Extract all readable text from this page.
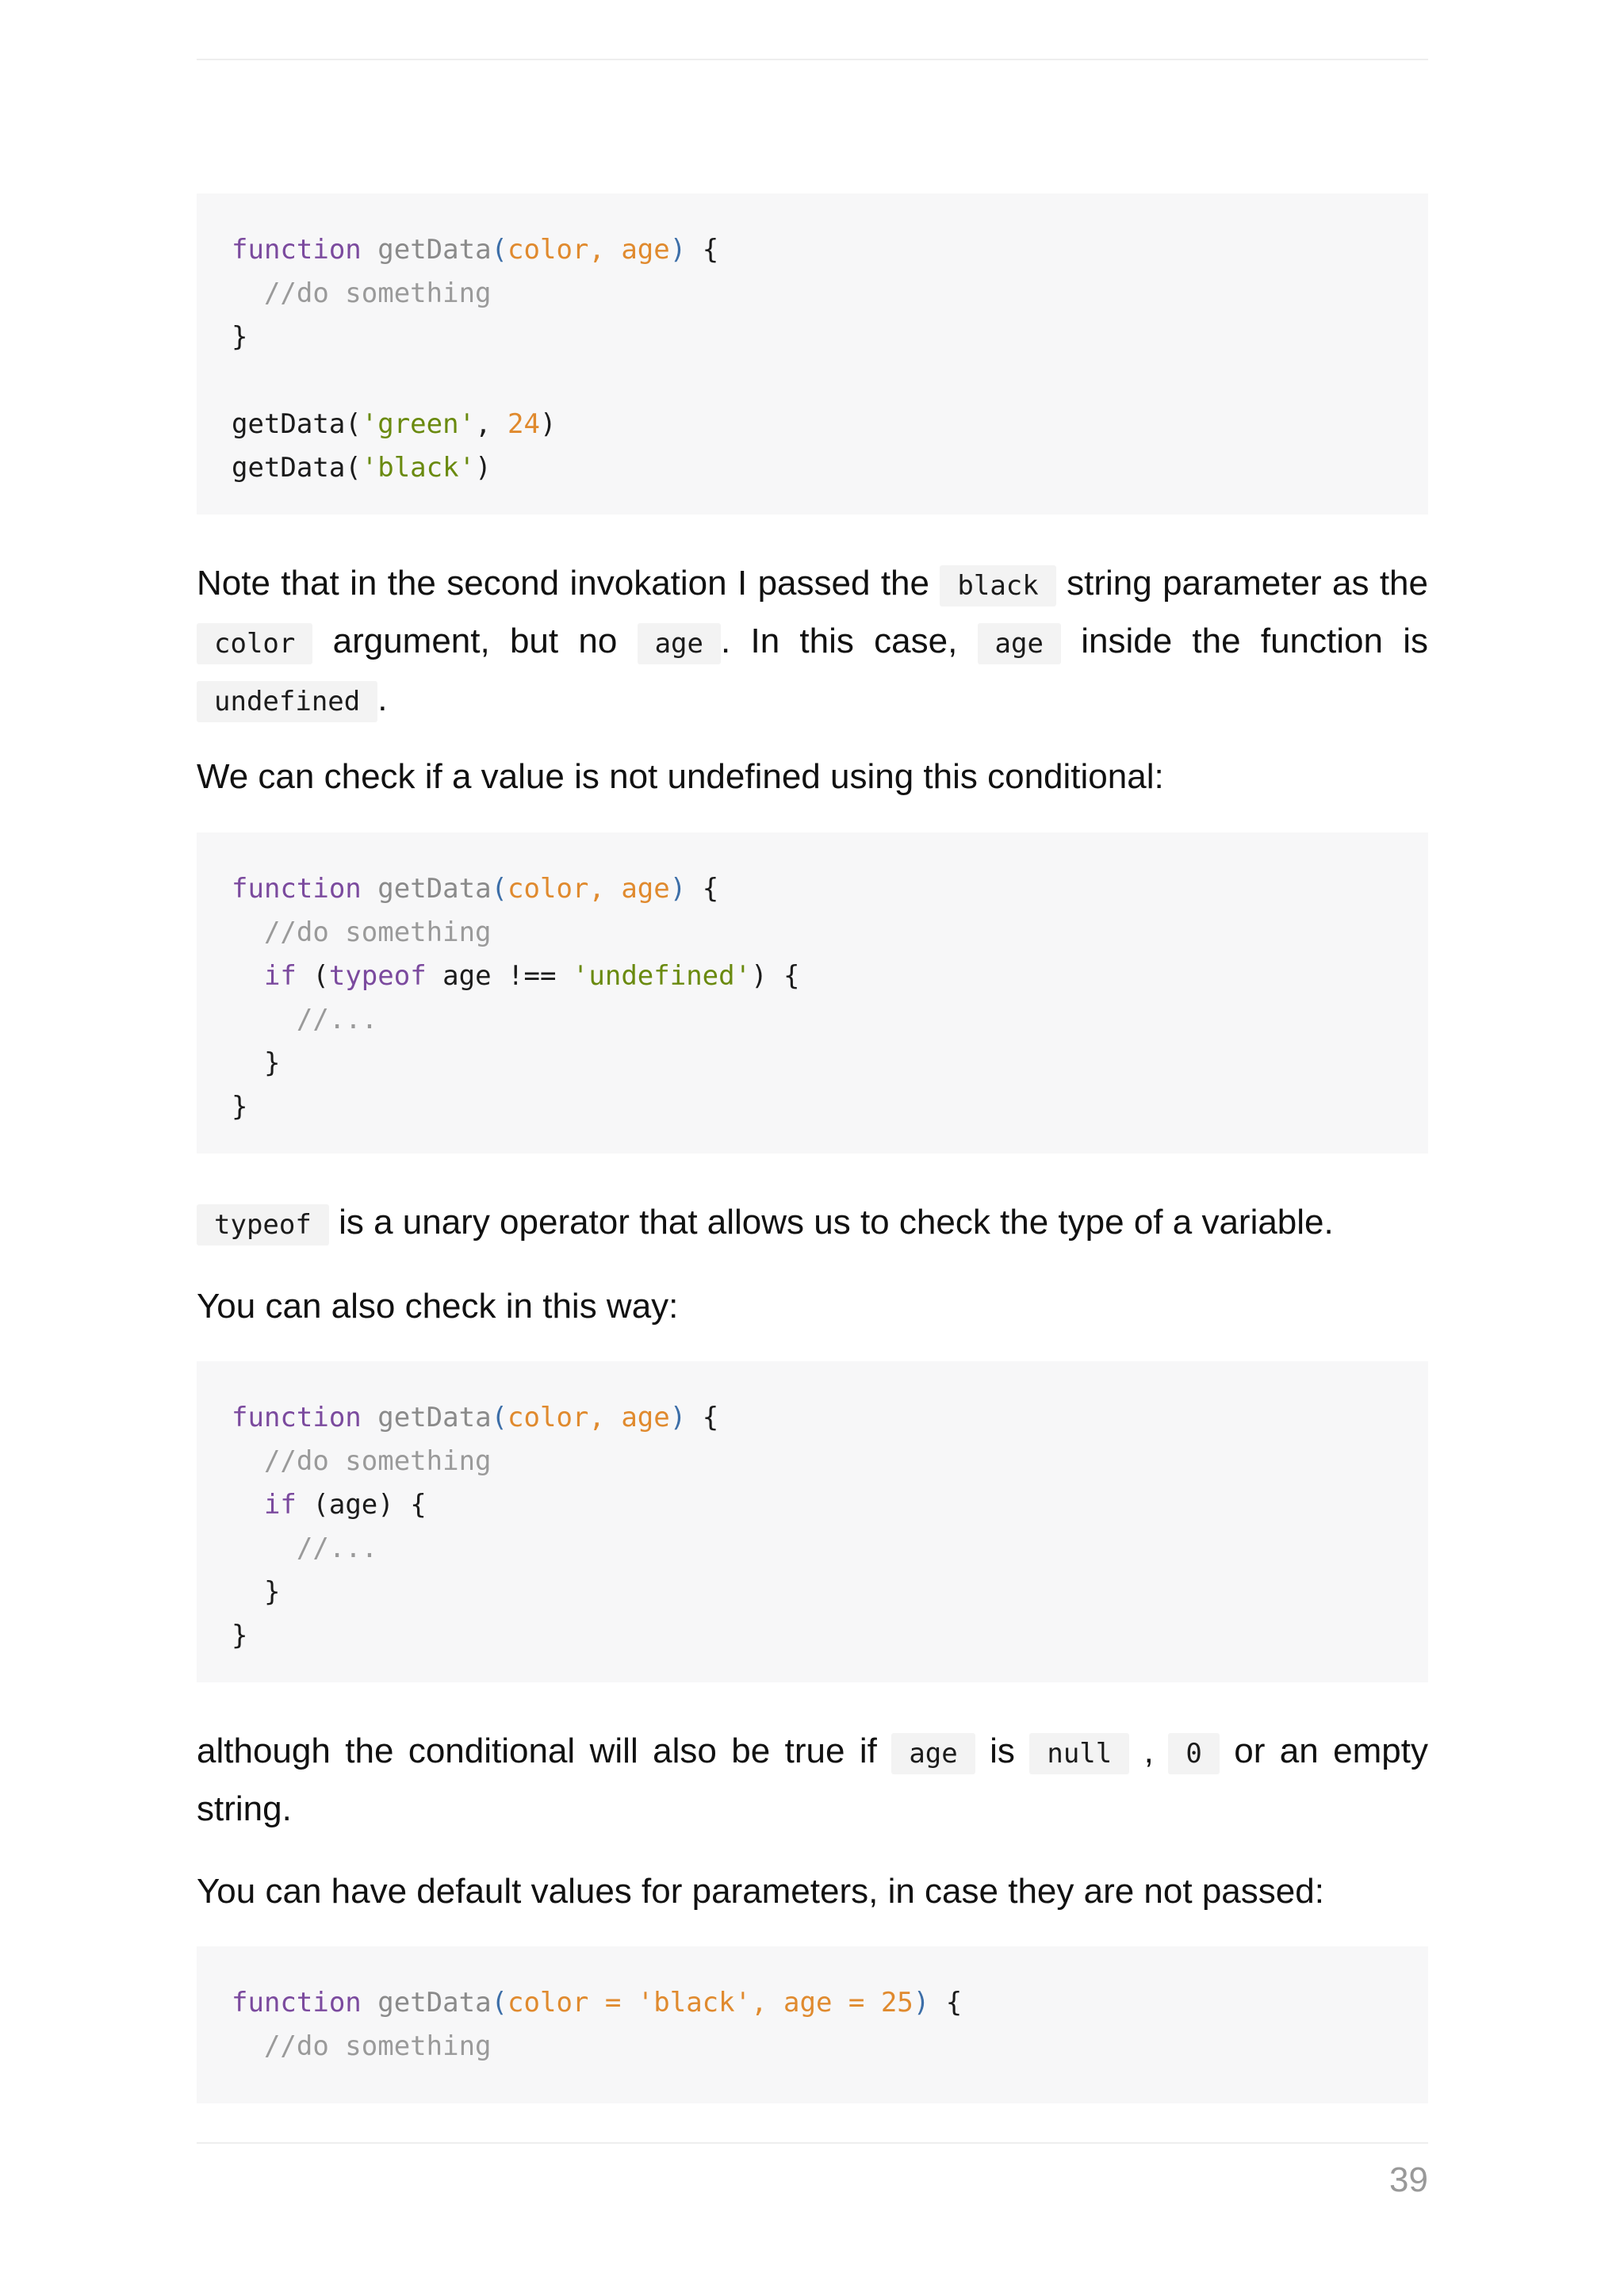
function getData(color, age) {
//do something
}

getData('green', 24)
getData('black')
Note that in the second invokation I passed the black string parameter as the color argument, but no age . In this case, age inside the function is undefined .
We can check if a value is not undefined using this conditional:
function getData(color, age) {
//do something
if (typeof age !== 'undefined') {
//...
}
}
typeof is a unary operator that allows us to check the type of a variable.
You can also check in this way:
function getData(color, age) {
//do something
if (age) {
//...
}
}
although the conditional will also be true if age is null , 0 or an empty string.
You can have default values for parameters, in case they are not passed:
function getData(color = 'black', age = 25) {
//do something
39
